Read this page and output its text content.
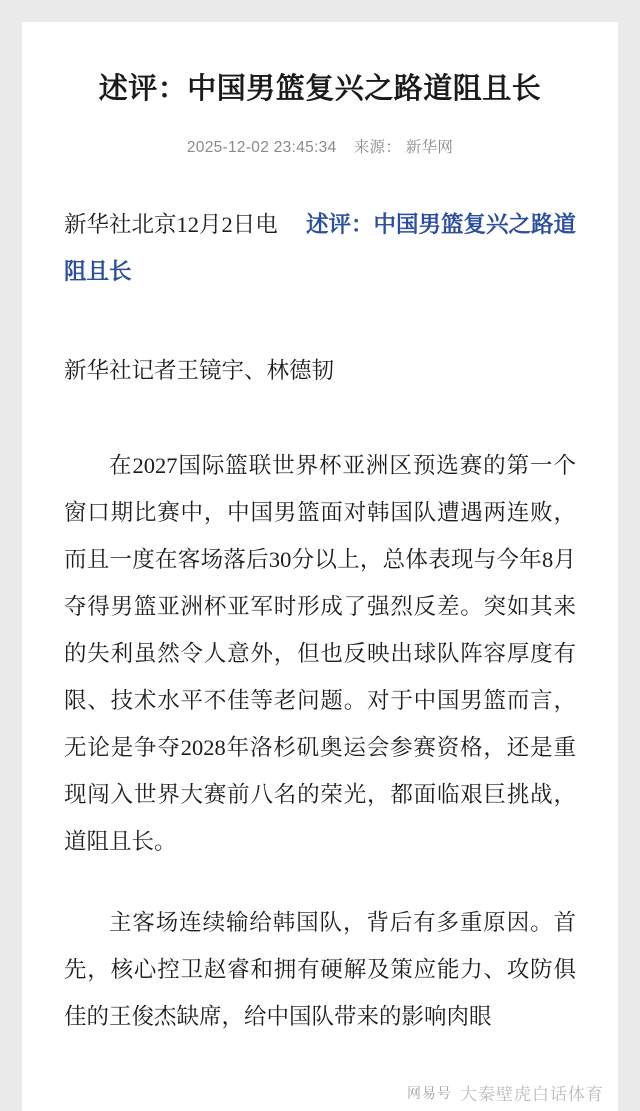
述评：中国男篮复兴之路道阻且长
2025-12-02 23:45:34 来源： 新华网

新华社北京12月2日电 述评：中国男篮复兴之路道阻且长

新华社记者王镜宇、林德韧

在2027国际篮联世界杯亚洲区预选赛的第一个窗口期比赛中，中国男篮面对韩国队遭遇两连败，而且一度在客场落后30分以上，总体表现与今年8月夺得男篮亚洲杯亚军时形成了强烈反差。突如其来的失利虽然令人意外，但也反映出球队阵容厚度有限、技术水平不佳等老问题。对于中国男篮而言，无论是争夺2028年洛杉矶奥运会参赛资格，还是重现闯入世界大赛前八名的荣光，都面临艰巨挑战，道阻且长。

主客场连续输给韩国队，背后有多重原因。首先，核心控卫赵睿和拥有硬解及策应能力、攻防俱佳的王俊杰缺席，给中国队带来的影响肉眼

网易号 大秦壁虎白话体育
